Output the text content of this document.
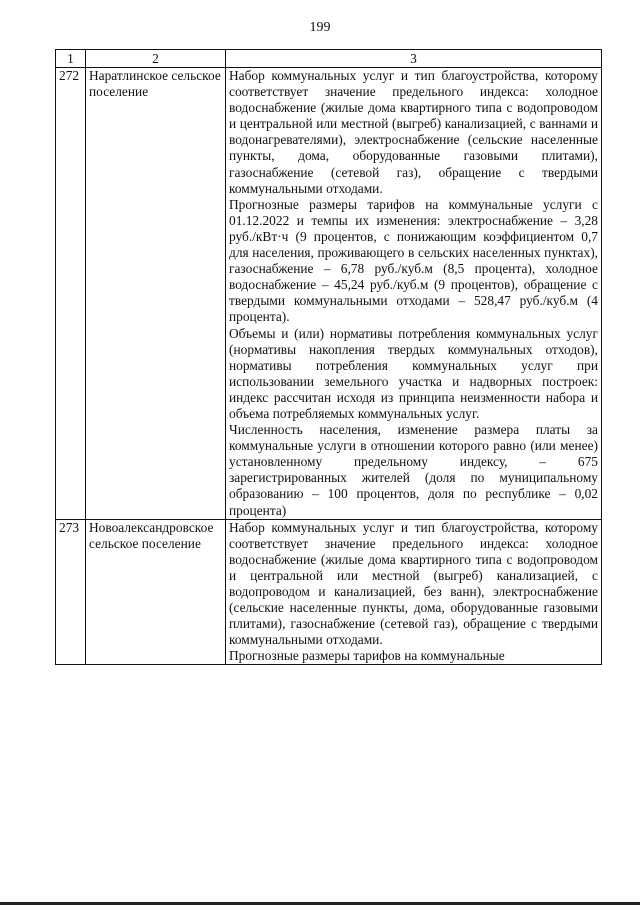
199
1	2	3
272	Наратлинское сельское поселение	Набор коммунальных услуг и тип благоустройства, которому соответствует значение предельного индекса: холодное водоснабжение (жилые дома квартирного типа с водопроводом и центральной или местной (выгреб) канализацией, с ваннами и водонагревателями), электроснабжение (сельские населенные пункты, дома, оборудованные газовыми плитами), газоснабжение (сетевой газ), обращение с твердыми коммунальными отходами.

Прогнозные размеры тарифов на коммунальные услуги с 01.12.2022 и темпы их изменения: электроснабжение – 3,28 руб./кВт·ч (9 процентов, с понижающим коэффициентом 0,7 для населения, проживающего в сельских населенных пунктах), газоснабжение – 6,78 руб./куб.м (8,5 процента), холодное водоснабжение – 45,24 руб./куб.м (9 процентов), обращение с твердыми коммунальными отходами – 528,47 руб./куб.м (4 процента).

Объемы и (или) нормативы потребления коммунальных услуг (нормативы накопления твердых коммунальных отходов), нормативы потребления коммунальных услуг при использовании земельного участка и надворных построек: индекс рассчитан исходя из принципа неизменности набора и объема потребляемых коммунальных услуг.

Численность населения, изменение размера платы за коммунальные услуги в отношении которого равно (или менее) установленному предельному индексу, – 675 зарегистрированных жителей (доля по муниципальному образованию – 100 процентов, доля по республике – 0,02 процента)

273	Новоалександровское сельское поселение	Набор коммунальных услуг и тип благоустройства, которому соответствует значение предельного индекса: холодное водоснабжение (жилые дома квартирного типа с водопроводом и центральной или местной (выгреб) канализацией, с водопроводом и канализацией, без ванн), электроснабжение (сельские населенные пункты, дома, оборудованные газовыми плитами), газоснабжение (сетевой газ), обращение с твердыми коммунальными отходами.

Прогнозные размеры тарифов на коммунальные
